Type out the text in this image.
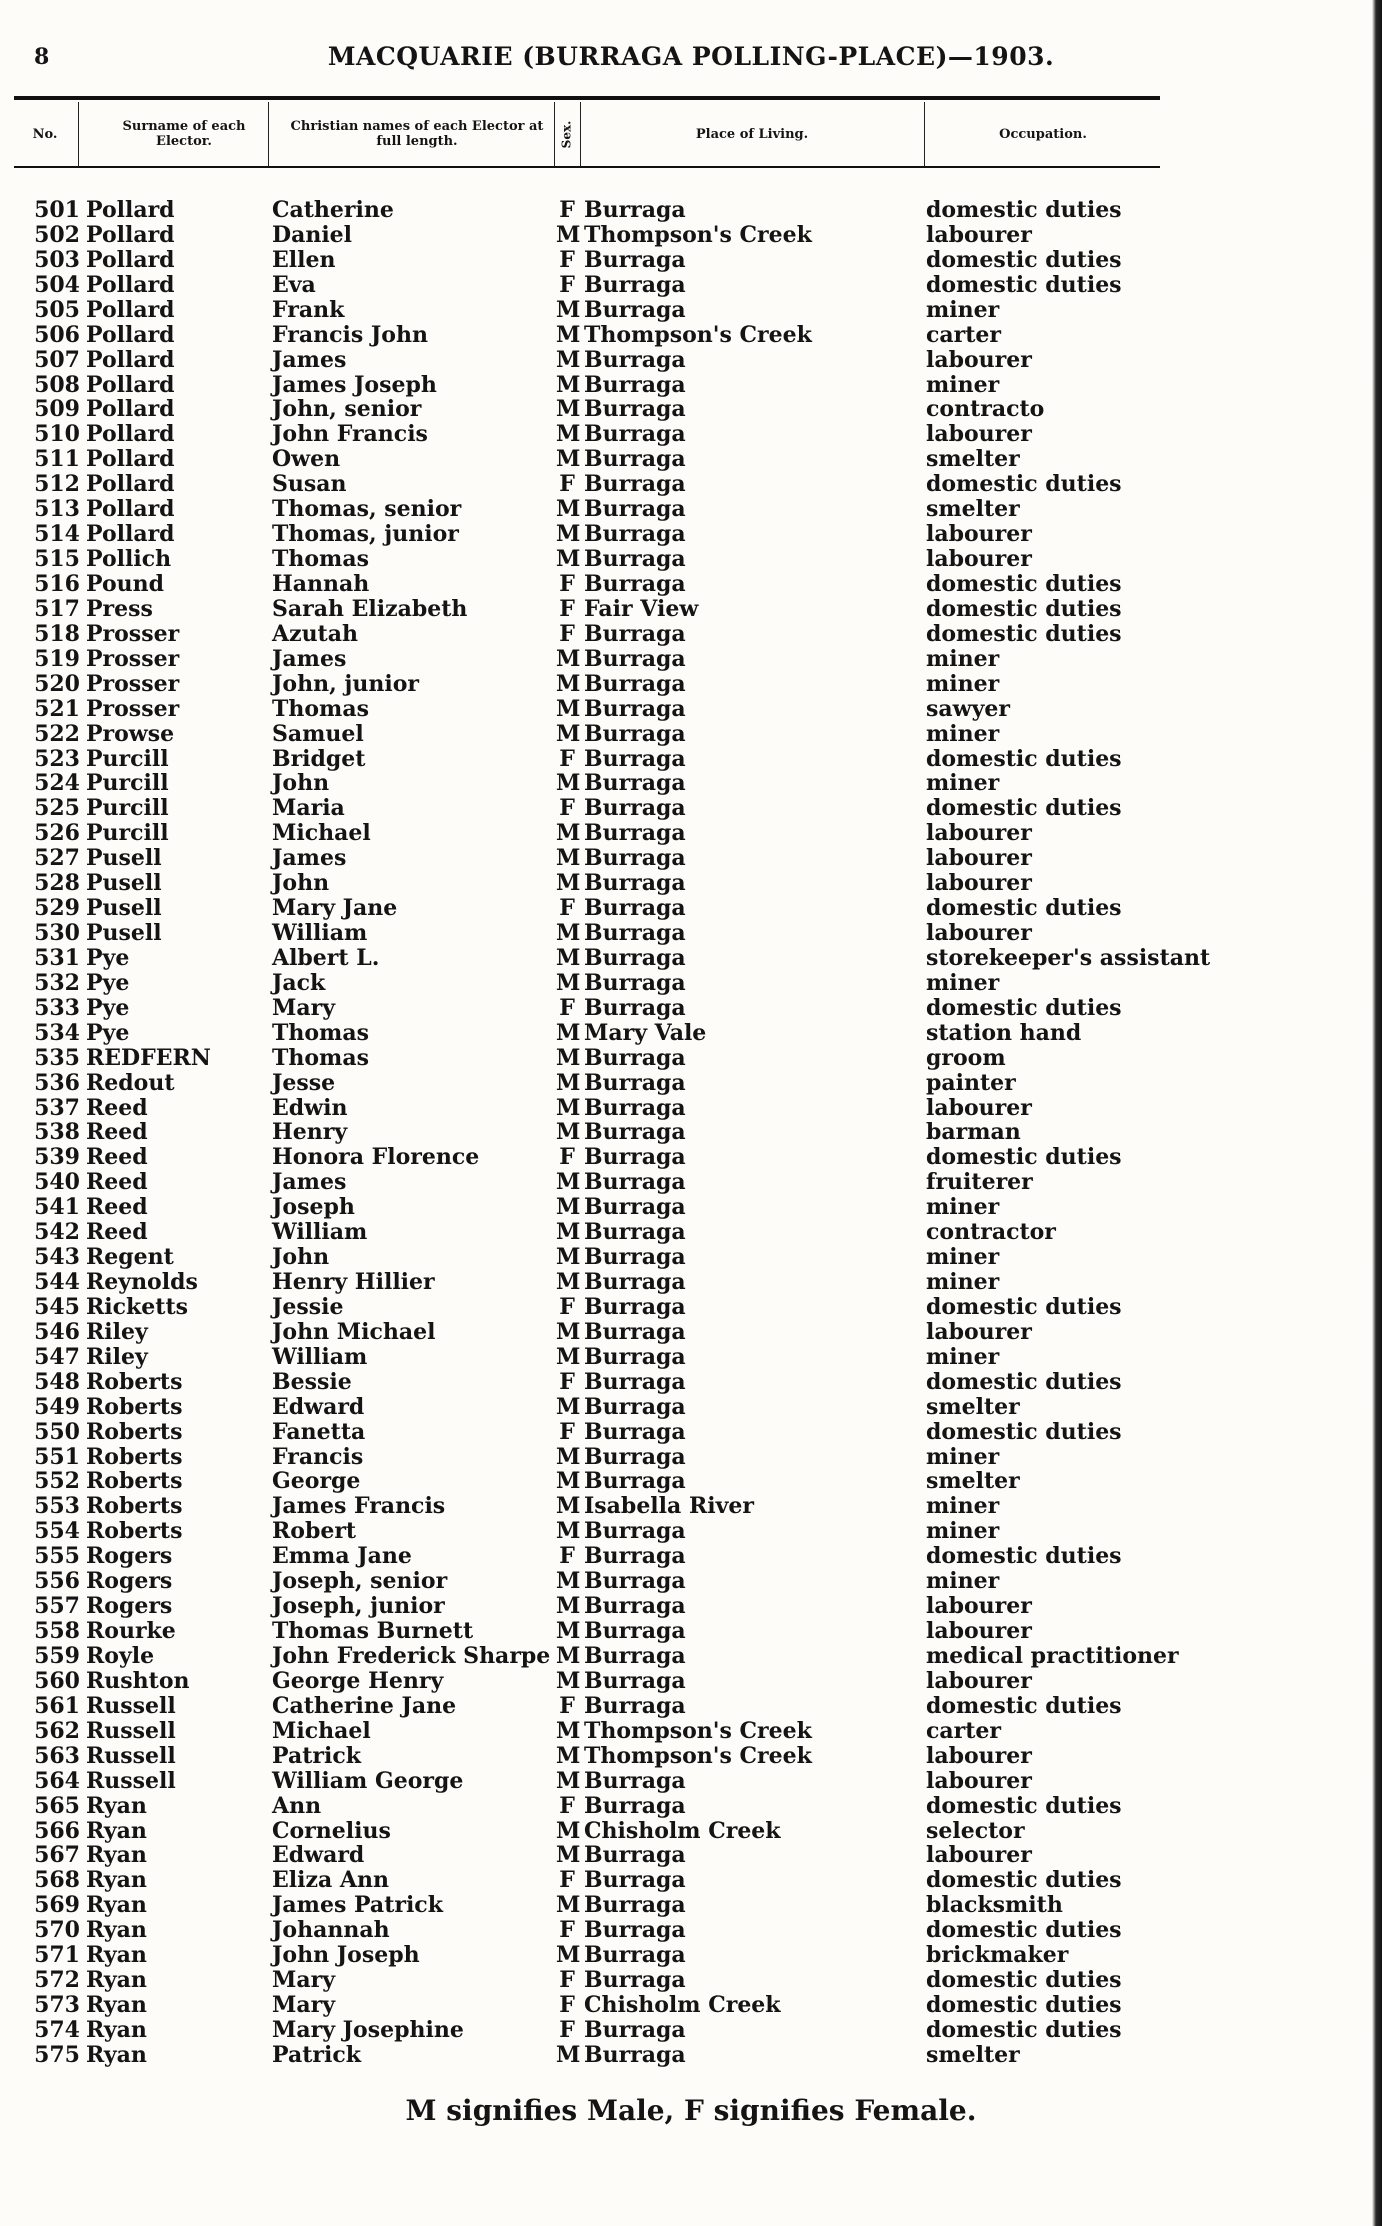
8	MACQUARIE (BURRAGA POLLING-PLACE)—1903.
No.	Surname of each Elector.
Christian names of each Elector at full length.	Sex.	Place of Living.	Occupation.
501 Pollard	Catherine	F Burraga	domestic duties
502 Pollard	Daniel	M Thompson's Creek	labourer
503 Pollard	Ellen	F Burraga	domestic duties
504 Pollard	Eva	F Burraga	domestic duties
505 Pollard	Frank	M Burraga	miner
506 Pollard	Francis John	M Thompson's Creek	carter
507 Pollard	James	M Burraga	labourer
508 Pollard	James Joseph	M Burraga	miner
509 Pollard	John, senior	M Burraga	contracto
510 Pollard	John Francis	M Burraga	labourer
511 Pollard	Owen	M Burraga	smelter
512 Pollard	Susan	F Burraga	domestic duties
513 Pollard	Thomas, senior	M Burraga	smelter
514 Pollard	Thomas, junior	M Burraga	labourer
515 Pollich	Thomas	M Burraga	labourer
516 Pound	Hannah	F Burraga	domestic duties
517 Press	Sarah Elizabeth	F Fair View	domestic duties
518 Prosser	Azutah	F Burraga	domestic duties
519 Prosser	James	M Burraga	miner
520 Prosser	John, junior	M Burraga	miner
521 Prosser	Thomas	M Burraga	sawyer
522 Prowse	Samuel	M Burraga	miner
523 Purcill	Bridget	F Burraga	domestic duties
524 Purcill	John	M Burraga	miner
525 Purcill	Maria	F Burraga	domestic duties
526 Purcill	Michael	M Burraga	labourer
527 Pusell	James	M Burraga	labourer
528 Pusell	John	M Burraga	labourer
529 Pusell	Mary Jane	F Burraga	domestic duties
530 Pusell	William	M Burraga	labourer
531 Pye	Albert L.	M Burraga	storekeeper's assistant
532 Pye	Jack	M Burraga	miner
533 Pye	Mary	F Burraga	domestic duties
534 Pye	Thomas	M Mary Vale	station hand
535 REDFERN	Thomas	M Burraga	groom
536 Redout	Jesse	M Burraga	painter
537 Reed	Edwin	M Burraga	labourer
538 Reed	Henry	M Burraga	barman
539 Reed	Honora Florence	F Burraga	domestic duties
540 Reed	James	M Burraga	fruiterer
541 Reed	Joseph	M Burraga	miner
542 Reed	William	M Burraga	contractor
543 Regent	John	M Burraga	miner
544 Reynolds	Henry Hillier	M Burraga	miner
545 Ricketts	Jessie	F Burraga	domestic duties
546 Riley	John Michael	M Burraga	labourer
547 Riley	William	M Burraga	miner
548 Roberts	Bessie	F Burraga	domestic duties
549 Roberts	Edward	M Burraga	smelter
550 Roberts	Fanetta	F Burraga	domestic duties
551 Roberts	Francis	M Burraga	miner
552 Roberts	George	M Burraga	smelter
553 Roberts	James Francis	M Isabella River	miner
554 Roberts	Robert	M Burraga	miner
555 Rogers	Emma Jane	F Burraga	domestic duties
556 Rogers	Joseph, senior	M Burraga	miner
557 Rogers	Joseph, junior	M Burraga	labourer
558 Rourke	Thomas Burnett	M Burraga	labourer
559 Royle	John Frederick Sharpe M Burraga	medical practitioner
560 Rushton	George Henry	M Burraga	labourer
561 Russell	Catherine Jane	F Burraga	domestic duties
562 Russell	Michael	M Thompson's Creek	carter
563 Russell	Patrick	M Thompson's Creek	labourer
564 Russell	William George	M Burraga	labourer
565 Ryan	Ann	F Burraga	domestic duties
566 Ryan	Cornelius	M Chisholm Creek	selector
567 Ryan	Edward	M Burraga	labourer
568 Ryan	Eliza Ann	F Burraga	domestic duties
569 Ryan	James Patrick	M Burraga	blacksmith
570 Ryan	Johannah	F Burraga	domestic duties
571 Ryan	John Joseph	M Burraga	brickmaker
572 Ryan	Mary	F Burraga	domestic duties
573 Ryan	Mary	F Chisholm Creek	domestic duties
574 Ryan	Mary Josephine	F Burraga	domestic duties
575 Ryan	Patrick	M Burraga	smelter
M signifies Male, F signifies Female.
